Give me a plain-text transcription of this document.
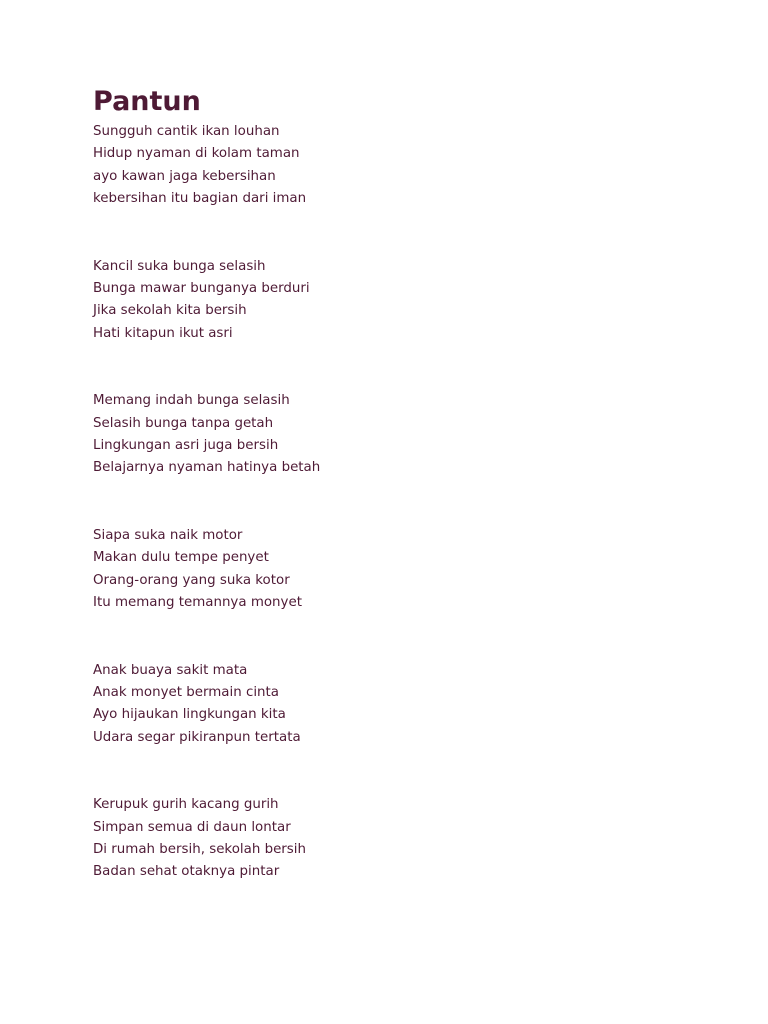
Pantun
Sungguh cantik ikan louhan
Hidup nyaman di kolam taman
ayo kawan jaga kebersihan
kebersihan itu bagian dari iman
Kancil suka bunga selasih
Bunga mawar bunganya berduri
Jika sekolah kita bersih
Hati kitapun ikut asri
Memang indah bunga selasih
Selasih bunga tanpa getah
Lingkungan asri juga bersih
Belajarnya nyaman hatinya betah
Siapa suka naik motor
Makan dulu tempe penyet
Orang-orang yang suka kotor
Itu memang temannya monyet
Anak buaya sakit mata
Anak monyet bermain cinta
Ayo hijaukan lingkungan kita
Udara segar pikiranpun tertata
Kerupuk gurih kacang gurih
Simpan semua di daun lontar
Di rumah bersih, sekolah bersih
Badan sehat otaknya pintar
